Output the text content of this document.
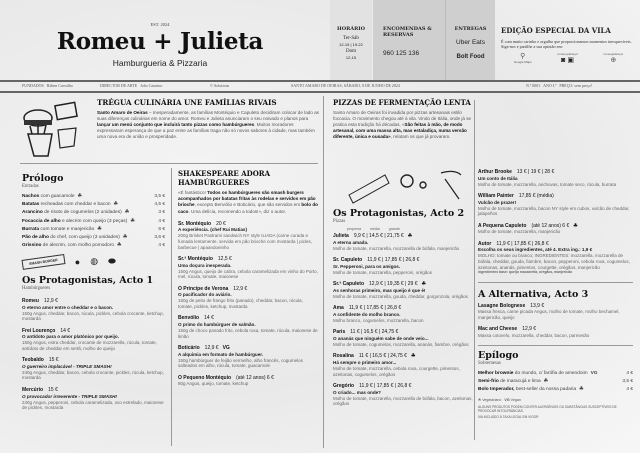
EST. 2024
Romeu + Julieta
Hamburgueria & Pizzaria
HORÁRIO
Ter-Sáb
12-15 | 19-22
Dom
12-15
ENCOMENDAS & RESERVAS
960 125 136
ENTREGAS
Uber Eats
Bolt Food
EDIÇÃO ESPECIAL DA VILA

É com muito carinho e orgulho que proporcionamos momentos inesquecíveis. Siga-nos e partilhe a sua opinião em:

⚲
Google Maps
romeu.julieta.pt
◙ ▣
romeujulieta.pt
⊕
FUNDADOS Rúben Carvalho	DIRECTOR DE ARTE João Catarino	© Solutions	SANTO AMARO DE OEIRAS, SÁBADO, 8 DE JUNHO DE 2024	N.º 0001 ANO I.º PREÇO: sem preço!
TRÉGUA CULINÁRIA UNE FAMÍLIAS RIVAIS

Santo Amaro de Oeiras – Inesperadamente, as famílias Montéquio e Capuleto decidiram colocar de lado as suas diferenças culinárias em nome do amor. Romeu e Julieta anunciaram o seu noivado e planos para lançar um menú conjunto que incluirá tanto pizzas como hambúrgueres. Muitos moradores expressaram esperança de que a paz entre as famílias traga não só novos sabores à cidade, mas também uma nova era de união e prosperidade.

Prólogo
Entradas
Nachos com guacamole ☘	3,5 €
Batatas recheadas com cheddar e bacon ☘	4,5 €
Arancino de risoto de cogumelos (2 unidades) ☘	3 €
Focaccia de alho e alecrim com queijo (3 peças) ☘	4 €
Burrata com tomate e manjericão ☘	6 €
Pão de alho do chef, com queijo (3 unidades) ☘	3,6 €
Grissino de alecrim, com molho pomodoro ☘	4 €
SMASH BURGER	● ◍ ⬬
Os Protagonistas, Acto 1
Hambúrgueres
Romeu 12,9 €
O eterno amor entre o cheddar e o bacon.
150g Angus, cheddar, bacon, rúcula, pickles, cebola crocante, ketchup, mostarda
Frei Lourenço 14 €
O antídoto para o amor platónico por queijo.
150g Angus, extra cheddar, crocante de mozzarella, rúcula, tomate, antídoto de cheddar em sertã, molho de queijo
Teobaldo 15 €
O guerreiro implacável - TRIPLE SMASH!
240g Angus, cheddar, bacon, cebola crocante, pickles, rúcula, ketchup, mostarda
Mercúrio 15 €
O provocador irreverente - TRIPLE SMASH!
240g Angus, pepperoni, cebola caramelizada, ovo estrelado, maionese de pickles, mostarda
SHAKESPEARE ADORA HAMBÚRGUERES

«É fantástico! Todos os hambúrgueres são smash burgers acompanhados por batatas fritas às rodelas e servidos em pão brioche, excepto Benvólio e Boticário, que são servidos em bolo do caco. Uma delícia, recomendo a todos!», diz o autor.

Sr. Montéquio 20 €
A experiência. (chef Rui Matias)
200g Brisket Pastrami sandwich NY style ILIADA (carne curada e fumada lentamente, servida em pão brioche com mostarda | picles, barbecue | apaandoeinho
Sr.ª Montéquio 12,5 €
Uma doçura inesperada.
150g Angus, queijo de cabra, cebola caramelizada em vinho do Porto, mel, rúcula, tomate, maionese
O Príncipe de Verona 12,9 €
O pacificador do aviário.
150g de peito de frango frito (panado), cheddar, bacon, rúcula, tomate, pickles, ketchup, mostarda
Benvólio 14 €
O primo do hambúrguer de salmão.
150g de choco panado frito, cebola roxa, tomate, rúcula, maionese de limão
Boticário 12,9 € VG
A alquimia em formato de hambúrguer.
150g hambúrguer de feijão vermelho, alho francês, cogumelos salteados em alho, rúcula, tomate, guacamole
O Pequeno Montéquio (até 12 anos) 6 €
80g Angus, queijo, tomate, ketchup
PIZZAS DE FERMENTAÇÃO LENTA

Santo Amaro de Oeiras foi invadida por pizzas artesanais estilo foccacia. O movimento chegou até à vila. Vindo de Itália, onde já se pratica esta tradição há décadas, «São feitas à mão, de modo artesanal, com uma massa alta, mas estaladiça, numa versão diferente, única e ousada», relatam os que já provaram.

Os Protagonistas, Acto 2
Pizzas
pequena média grande
Julieta 9,9 € | 14,5 € | 21,75 € ☘
A eterna amada.
Molho de tomate, mozzarella, mozzarella de búfala, manjericão
Sr. Capuleto 11,9 € | 17,85 € | 26,8 €
Sr. Pepperoni, para os amigos.
Molho de tomate, mozzarella, pepperoni, orégãos
Sr.ª Capuleto 12,9 € | 19,35 € | 29 € ☘
As senhoras primeiro, mas queijo é que é!
Molho de tomate, mozzarella, gouda, cheddar, gorgonzola, orégãos
Ama 11,9 € | 17,85 € | 26,8 €
A confidente do molho branco.
Molho branco, cogumelos, mozzarella, bacon
Paris 11 € | 16,5 € | 24,75 €
O ananás que ninguém sabe de onde veio...
Molho de tomate, cogumelos, mozzarella, ananás, fiambre, orégãos
Rosalina 11 € | 16,5 € | 24,75 € ☘
Há sempre o primeiro amor...
Molho de tomate, mozzarella, cebola roxa, courgette, pimentos, azeitonas, cogumelos, orégãos
Gregório 11,9 € | 17,85 € | 26,8 €
O criado... mas onde?
Molho de tomate, mozzarella, mozzarella de búfala, bacon, azeitonas, orégãos
Arthur Brooke 13 € | 19 € | 28 €
Um conto de Itália
Molho de tomate, mozzarella, anchovas, tomate seco, rúcula, burrata
William Painter 17,85 € (média)
Vulcão de prazer!
Molho de tomate, mozzarella, bacon NY style em cubos, vulcão de cheddar, jalapeños
A Pequena Capuleto (até 12 anos) 6 € ☘
Molho de tomate, mozzarella, manjericão
Autor 11,9 € | 17,85 € | 26,8 €
Escolha os seus ingredientes, até 4. Extra ing.: 1,9 €
MOLHO: tomate ou branco; INGREDIENTES: mozzarella, mozzarella de búfala, cheddar, gouda, fiambre, bacon, pepperoni, cebola roxa, cogumelos, azeitonas, ananás, pimentos, courgette, orégãos, manjericão
ingredientes base: queijo mozzarella, orégãos, manjericão
A Alternativa, Acto 3
Lasagne Bolognese 13,9 €
Massa fresca, carne picada Angus, molho de tomate, molho bechamel, manjericão, queijo
Mac and Cheese 12,9 €
Massa cotovelo, mozzarella, cheddar, bacon, parmesão
Epílogo
Sobremesas
Melhor brownie do mundo, c/ farófia de amendoim VG	4 €
Semi-frio de maracujá e lima ☘	3,5 €
Bolo Imperador, best-seller da nossa padaria ☘	4 €
☘ Vegetariano VG Vegan
ALGUNS PRODUTOS PODEM CONTER ALERGÉNIOS OU SUBSTÂNCIAS SUSCEPTÍVEIS DE PROVOCAR INTOLERÂNCIAS.
IVA INCLUÍDO À TAXA LEGAL EM VIGOR
